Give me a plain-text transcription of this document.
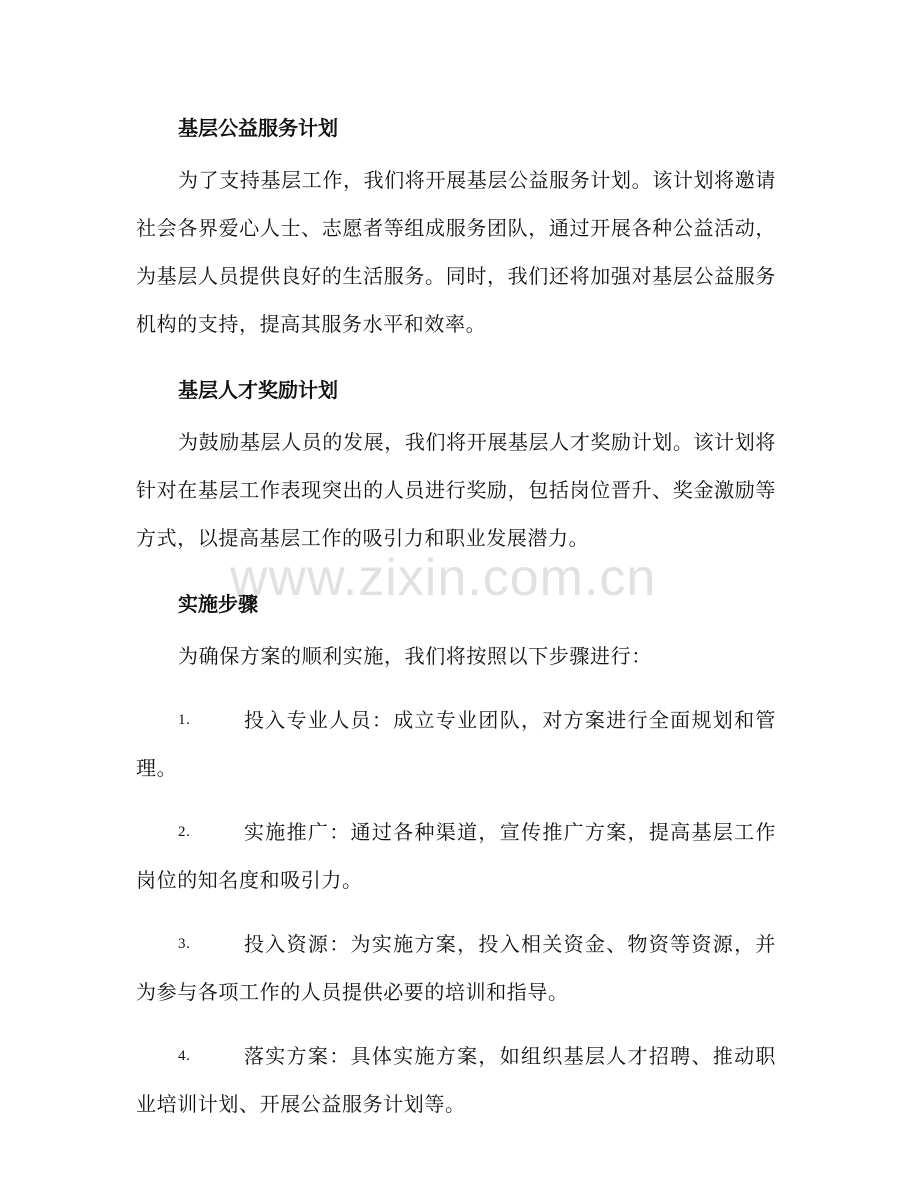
基层公益服务计划

为了支持基层工作，我们将开展基层公益服务计划。该计划将邀请社会各界爱心人士、志愿者等组成服务团队，通过开展各种公益活动，为基层人员提供良好的生活服务。同时，我们还将加强对基层公益服务机构的支持，提高其服务水平和效率。

基层人才奖励计划

为鼓励基层人员的发展，我们将开展基层人才奖励计划。该计划将针对在基层工作表现突出的人员进行奖励，包括岗位晋升、奖金激励等方式，以提高基层工作的吸引力和职业发展潜力。

实施步骤

为确保方案的顺利实施，我们将按照以下步骤进行：

1.	投入专业人员：成立专业团队，对方案进行全面规划和管理。
2.	实施推广：通过各种渠道，宣传推广方案，提高基层工作岗位的知名度和吸引力。
3.	投入资源：为实施方案，投入相关资金、物资等资源，并为参与各项工作的人员提供必要的培训和指导。
4.	落实方案：具体实施方案，如组织基层人才招聘、推动职业培训计划、开展公益服务计划等。
www.zixin.com.cn
